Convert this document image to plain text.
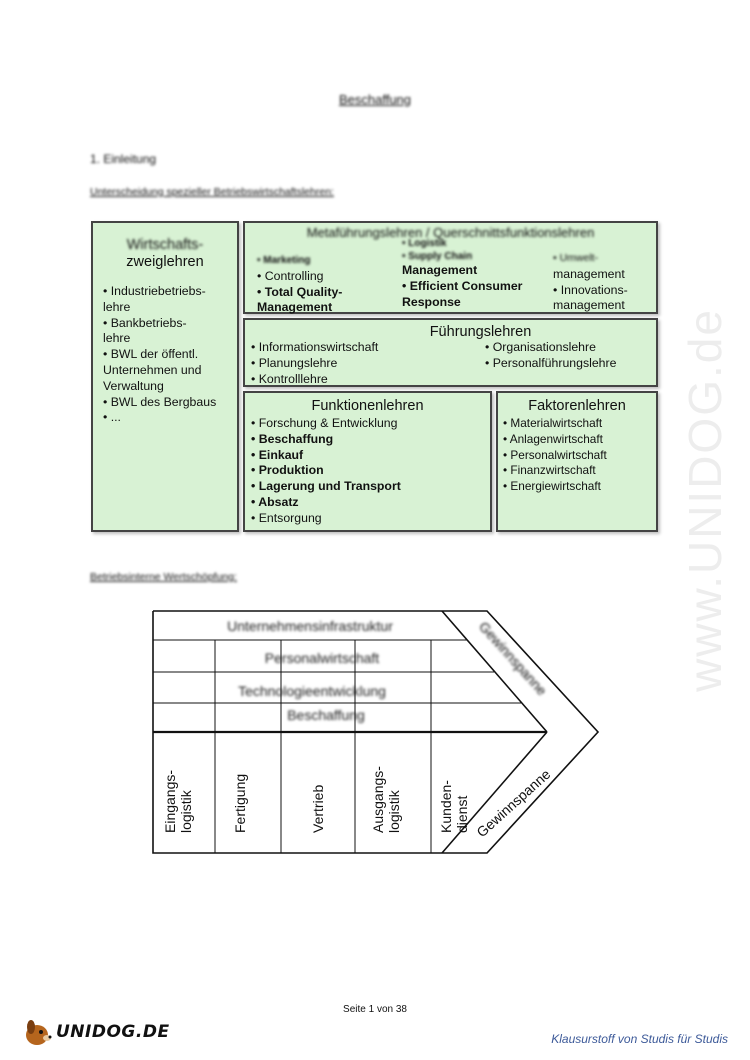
www.UNIDOG.de
Beschaffung
1. Einleitung
Unterscheidung spezieller Betriebswirtschaftslehren:
Wirtschafts-
zweiglehren
• Industriebetriebs-
lehre
• Bankbetriebs-
lehre
• BWL der öffentl.
Unternehmen und
Verwaltung
• BWL des Bergbaus
• ...
Metaführungslehren / Querschnittsfunktionslehren
• Marketing
• Controlling
• Total Quality-
Management
• Logistik
• Supply Chain
Management
• Efficient Consumer
Response
• Umwelt-
management
• Innovations-
management
Führungslehren
• Informationswirtschaft
• Planungslehre
• Kontrolllehre
• Organisationslehre
• Personalführungslehre
Funktionenlehren
• Forschung & Entwicklung
• Beschaffung
• Einkauf
• Produktion
• Lagerung und Transport
• Absatz
• Entsorgung
Faktorenlehren
• Materialwirtschaft
• Anlagenwirtschaft
• Personalwirtschaft
• Finanzwirtschaft
• Energiewirtschaft
Betriebsinterne Wertschöpfung:
Unternehmensinfrastruktur
Personalwirtschaft
Technologieentwicklung
Beschaffung
Eingangs-logistik	Fertigung	Vertrieb	Ausgangs-logistik	Kunden-dienst
Gewinnspanne
Gewinnspanne
Seite 1 von 38
UNIDOG.DE	Klausurstoff von Studis für Studis
